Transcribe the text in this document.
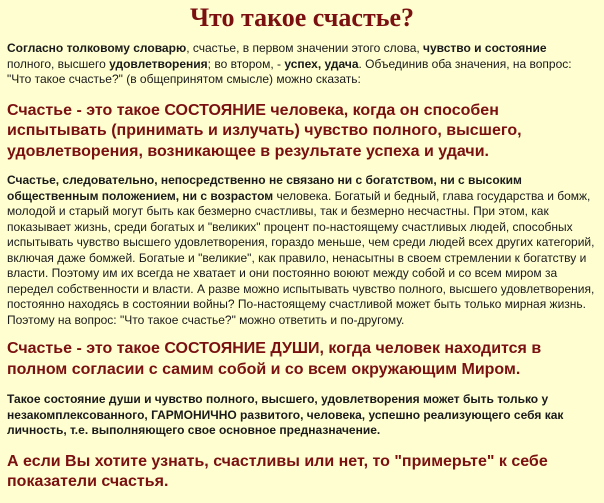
Что такое счастье?

Согласно толковому словарю, счастье, в первом значении этого слова, чувство и состояние полного, высшего удовлетворения; во втором, - успех, удача. Объединив оба значения, на вопрос: "Что такое счастье?" (в общепринятом смысле) можно сказать:

Счастье - это такое СОСТОЯНИЕ человека, когда он способен испытывать (принимать и излучать) чувство полного, высшего, удовлетворения, возникающее в результате успеха и удачи.

Счастье, следовательно, непосредственно не связано ни с богатством, ни с высоким общественным положением, ни с возрастом человека. Богатый и бедный, глава государства и бомж, молодой и старый могут быть как безмерно счастливы, так и безмерно несчастны. При этом, как показывает жизнь, среди богатых и "великих" процент по-настоящему счастливых людей, способных испытывать чувство высшего удовлетворения, гораздо меньше, чем среди людей всех других категорий, включая даже бомжей. Богатые и "великие", как правило, ненасытны в своем стремлении к богатству и власти. Поэтому им их всегда не хватает и они постоянно воюют между собой и со всем миром за передел собственности и власти. А разве можно испытывать чувство полного, высшего удовлетворения, постоянно находясь в состоянии войны? По-настоящему счастливой может быть только мирная жизнь. Поэтому на вопрос: "Что такое счастье?" можно ответить и по-другому.

Счастье - это такое СОСТОЯНИЕ ДУШИ, когда человек находится в полном согласии с самим собой и со всем окружающим Миром.

Такое состояние души и чувство полного, высшего, удовлетворения может быть только у незакомплексованного, ГАРМОНИЧНО развитого, человека, успешно реализующего себя как личность, т.е. выполняющего свое основное предназначение.

А если Вы хотите узнать, счастливы или нет, то "примерьте" к себе показатели счастья.
